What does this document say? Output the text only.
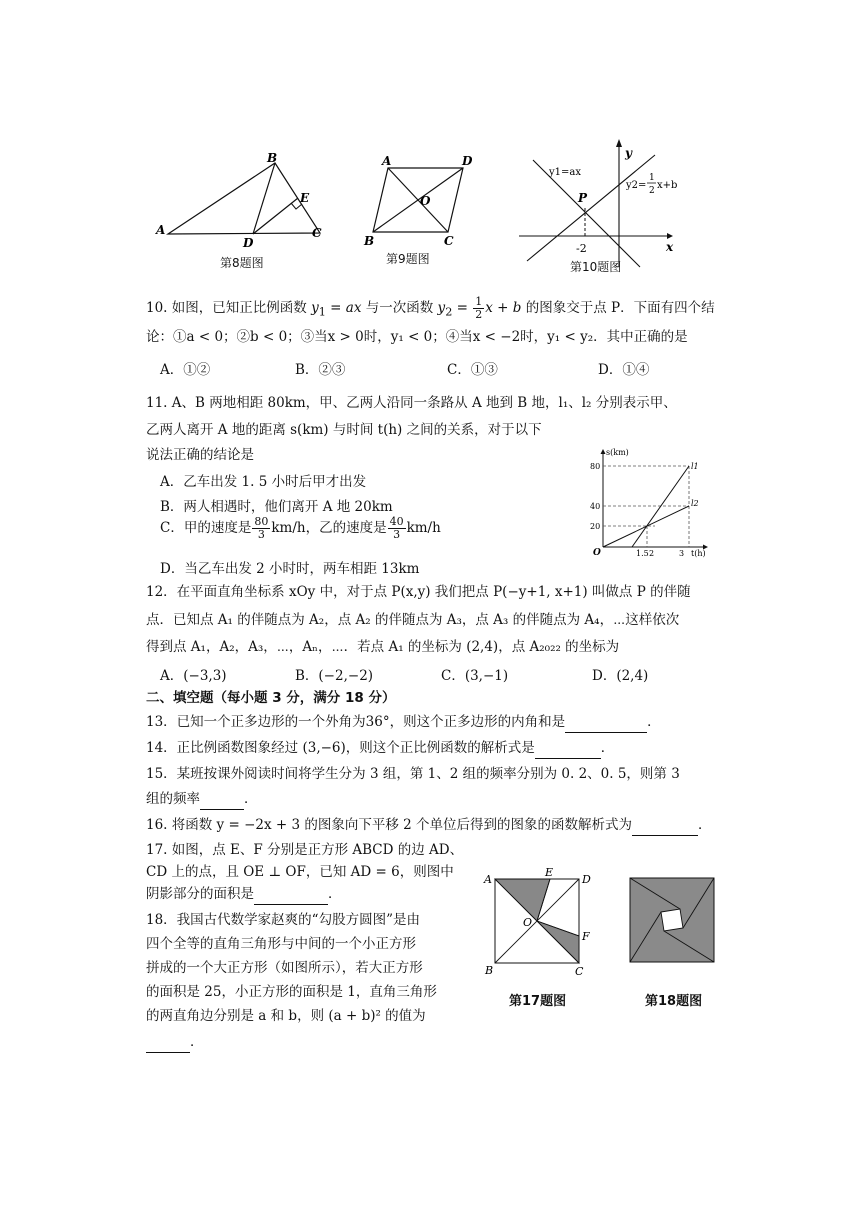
A
B
C
D
E
第8题图
A	D
B	C
O
第9题图
y1=ax
y2=
1
2 x+b
P
-2	x
y
第10题图
10. 如图，已知正比例函数 $y_1$ = ax 与一次函数 $y_2 = \frac{1}{2}$ x + b 的图象交于点 P．下面有四个结
论：①a < 0；②b < 0；③当x > 0时，y₁ < 0；④当x < −2时，y₁ < y₂．其中正确的是
A．①②	B．②③	C．①③	D．①④
11. A、B 两地相距 80km，甲、乙两人沿同一条路从 A 地到 B 地，l₁、l₂ 分别表示甲、
乙两人离开 A 地的距离 s(km) 与时间 t(h) 之间的关系，对于以下
说法正确的结论是
A．乙车出发 1. 5 小时后甲才出发
B．两人相遇时，他们离开 A 地 20km
C．甲的速度是 $\frac{80}{3} km/h$，乙的速度是 $\frac{40}{3} km/h$
D．当乙车出发 2 小时时，两车相距 13km
s(km)
t(h)
80
40
20
O	1.5 2	3
l1
l2
12．在平面直角坐标系 xOy 中，对于点 P(x,y) 我们把点 P(−y+1, x+1) 叫做点 P 的伴随
点．已知点 A₁ 的伴随点为 A₂，点 A₂ 的伴随点为 A₃，点 A₃ 的伴随点为 A₄，⋯这样依次
得到点 A₁，A₂，A₃，⋯，Aₙ，⋯．若点 A₁ 的坐标为 (2,4)，点 A₂₀₂₂ 的坐标为
A．(−3,3)	B．(−2,−2)	C．(3,−1)	D．(2,4)
二、填空题（每小题 3 分，满分 18 分）
13．已知一个正多边形的一个外角为36°，则这个正多边形的内角和是	．
14．正比例函数图象经过 (3,−6)，则这个正比例函数的解析式是	．
15．某班按课外阅读时间将学生分为 3 组，第 1、2 组的频率分别为 0. 2、0. 5，则第 3
组的频率	．
16. 将函数 y = −2x + 3 的图象向下平移 2 个单位后得到的图象的函数解析式为	．
17. 如图，点 E、F 分别是正方形 ABCD 的边 AD、
CD 上的点，且 OE ⊥ OF，已知 AD = 6，则图中
阴影部分的面积是	．
18．我国古代数学家赵爽的“勾股方圆图”是由
四个全等的直角三角形与中间的一个小正方形
拼成的一个大正方形（如图所示），若大正方形
的面积是 25，小正方形的面积是 1，直角三角形
的两直角边分别是 a 和 b，则 (a + b)² 的值为
．
A
E
D
O
F
B	C
第17题图	第18题图
